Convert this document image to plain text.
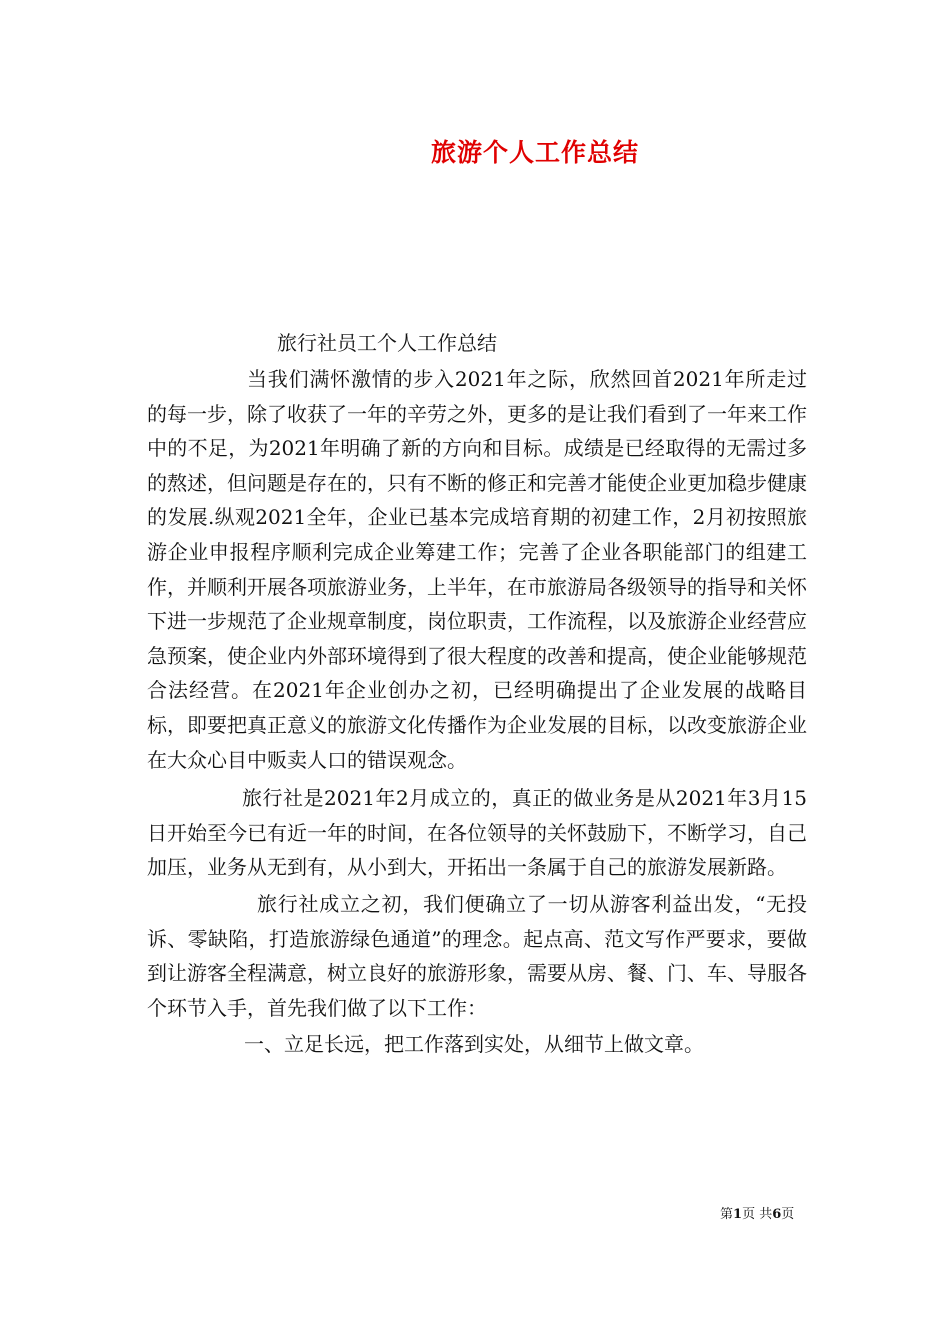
旅游个人工作总结
旅行社员工个人工作总结

当我们满怀激情的步入2021年之际，欣然回首2021年所走过的每一步，除了收获了一年的辛劳之外，更多的是让我们看到了一年来工作中的不足，为2021年明确了新的方向和目标。成绩是已经取得的无需过多的熬述，但问题是存在的，只有不断的修正和完善才能使企业更加稳步健康的发展.纵观2021全年，企业已基本完成培育期的初建工作，2月初按照旅游企业申报程序顺利完成企业筹建工作；完善了企业各职能部门的组建工作，并顺利开展各项旅游业务，上半年，在市旅游局各级领导的指导和关怀下进一步规范了企业规章制度，岗位职责，工作流程，以及旅游企业经营应急预案，使企业内外部环境得到了很大程度的改善和提高，使企业能够规范合法经营。在2021年企业创办之初，已经明确提出了企业发展的战略目标，即要把真正意义的旅游文化传播作为企业发展的目标，以改变旅游企业在大众心目中贩卖人口的错误观念。

旅行社是2021年2月成立的，真正的做业务是从2021年3月15日开始至今已有近一年的时间，在各位领导的关怀鼓励下，不断学习，自己加压，业务从无到有，从小到大，开拓出一条属于自己的旅游发展新路。

旅行社成立之初，我们便确立了一切从游客利益出发，“无投诉、零缺陷，打造旅游绿色通道”的理念。起点高、范文写作严要求，要做到让游客全程满意，树立良好的旅游形象，需要从房、餐、门、车、导服各个环节入手，首先我们做了以下工作：

一、立足长远，把工作落到实处，从细节上做文章。

第1页 共6页
